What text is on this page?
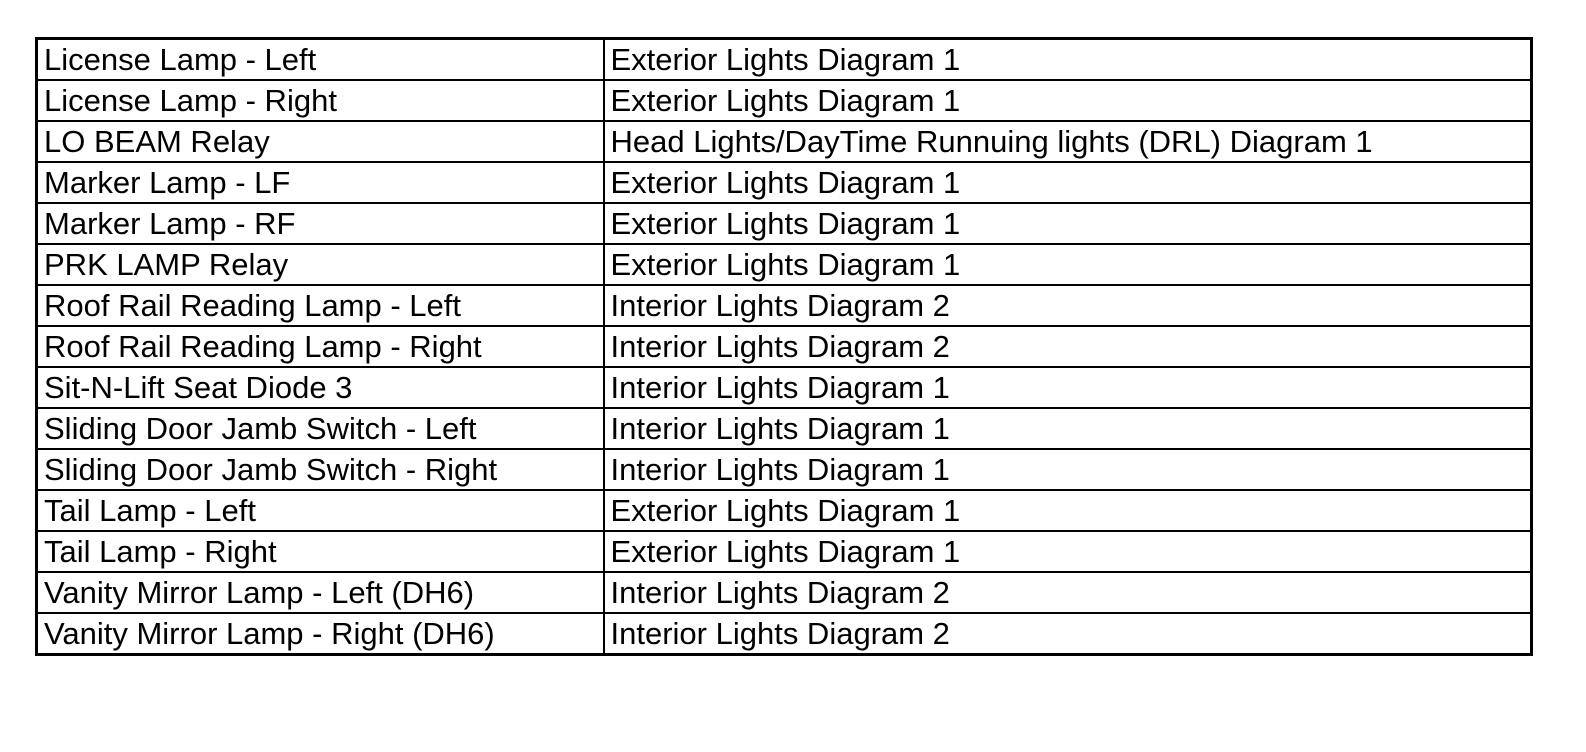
License Lamp - Left	Exterior Lights Diagram 1
License Lamp - Right	Exterior Lights Diagram 1
LO BEAM Relay	Head Lights/DayTime Runnuing lights (DRL) Diagram 1
Marker Lamp - LF	Exterior Lights Diagram 1
Marker Lamp - RF	Exterior Lights Diagram 1
PRK LAMP Relay	Exterior Lights Diagram 1
Roof Rail Reading Lamp - Left	Interior Lights Diagram 2
Roof Rail Reading Lamp - Right	Interior Lights Diagram 2
Sit-N-Lift Seat Diode 3	Interior Lights Diagram 1
Sliding Door Jamb Switch - Left	Interior Lights Diagram 1
Sliding Door Jamb Switch - Right	Interior Lights Diagram 1
Tail Lamp - Left	Exterior Lights Diagram 1
Tail Lamp - Right	Exterior Lights Diagram 1
Vanity Mirror Lamp - Left (DH6)	Interior Lights Diagram 2
Vanity Mirror Lamp - Right (DH6)	Interior Lights Diagram 2
